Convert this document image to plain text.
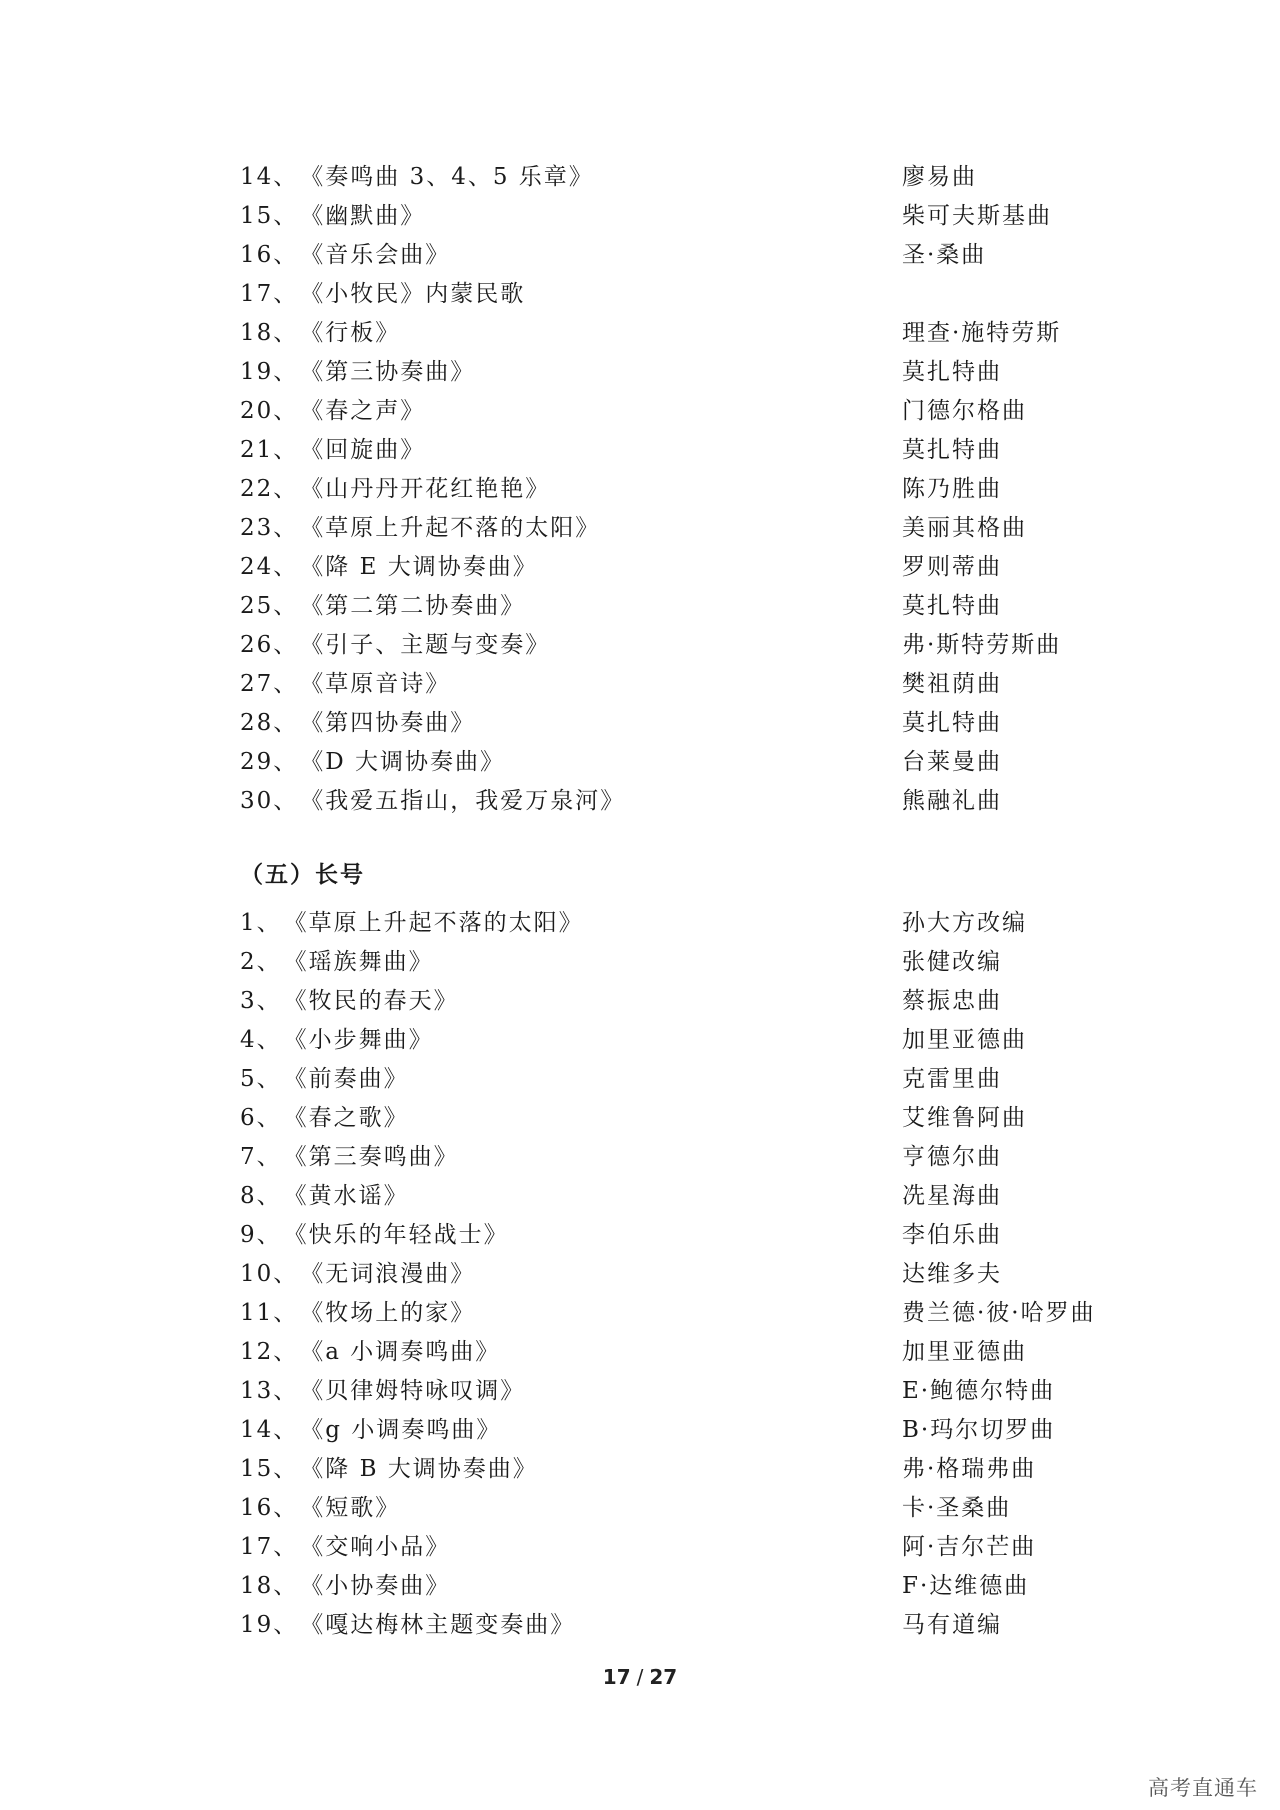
14、《奏鸣曲 3、4、5 乐章》	廖易曲
15、《幽默曲》	柴可夫斯基曲
16、《音乐会曲》	圣·桑曲
17、《小牧民》内蒙民歌
18、《行板》	理查·施特劳斯
19、《第三协奏曲》	莫扎特曲
20、《春之声》	门德尔格曲
21、《回旋曲》	莫扎特曲
22、《山丹丹开花红艳艳》	陈乃胜曲
23、《草原上升起不落的太阳》	美丽其格曲
24、《降 E 大调协奏曲》	罗则蒂曲
25、《第二第二协奏曲》	莫扎特曲
26、《引子、主题与变奏》	弗·斯特劳斯曲
27、《草原音诗》	樊祖荫曲
28、《第四协奏曲》	莫扎特曲
29、《D 大调协奏曲》	台莱曼曲
30、《我爱五指山，我爱万泉河》	熊融礼曲
（五）长号
1、《草原上升起不落的太阳》	孙大方改编
2、《瑶族舞曲》	张健改编
3、《牧民的春天》	蔡振忠曲
4、《小步舞曲》	加里亚德曲
5、《前奏曲》	克雷里曲
6、《春之歌》	艾维鲁阿曲
7、《第三奏鸣曲》	亨德尔曲
8、《黄水谣》	冼星海曲
9、《快乐的年轻战士》	李伯乐曲
10、《无词浪漫曲》	达维多夫
11、《牧场上的家》	费兰德·彼·哈罗曲
12、《a 小调奏鸣曲》	加里亚德曲
13、《贝律姆特咏叹调》	E·鲍德尔特曲
14、《g 小调奏鸣曲》	B·玛尔切罗曲
15、《降 B 大调协奏曲》	弗·格瑞弗曲
16、《短歌》	卡·圣桑曲
17、《交响小品》	阿·吉尔芒曲
18、《小协奏曲》	F·达维德曲
19、《嘎达梅林主题变奏曲》	马有道编
17 / 27
高考直通车
